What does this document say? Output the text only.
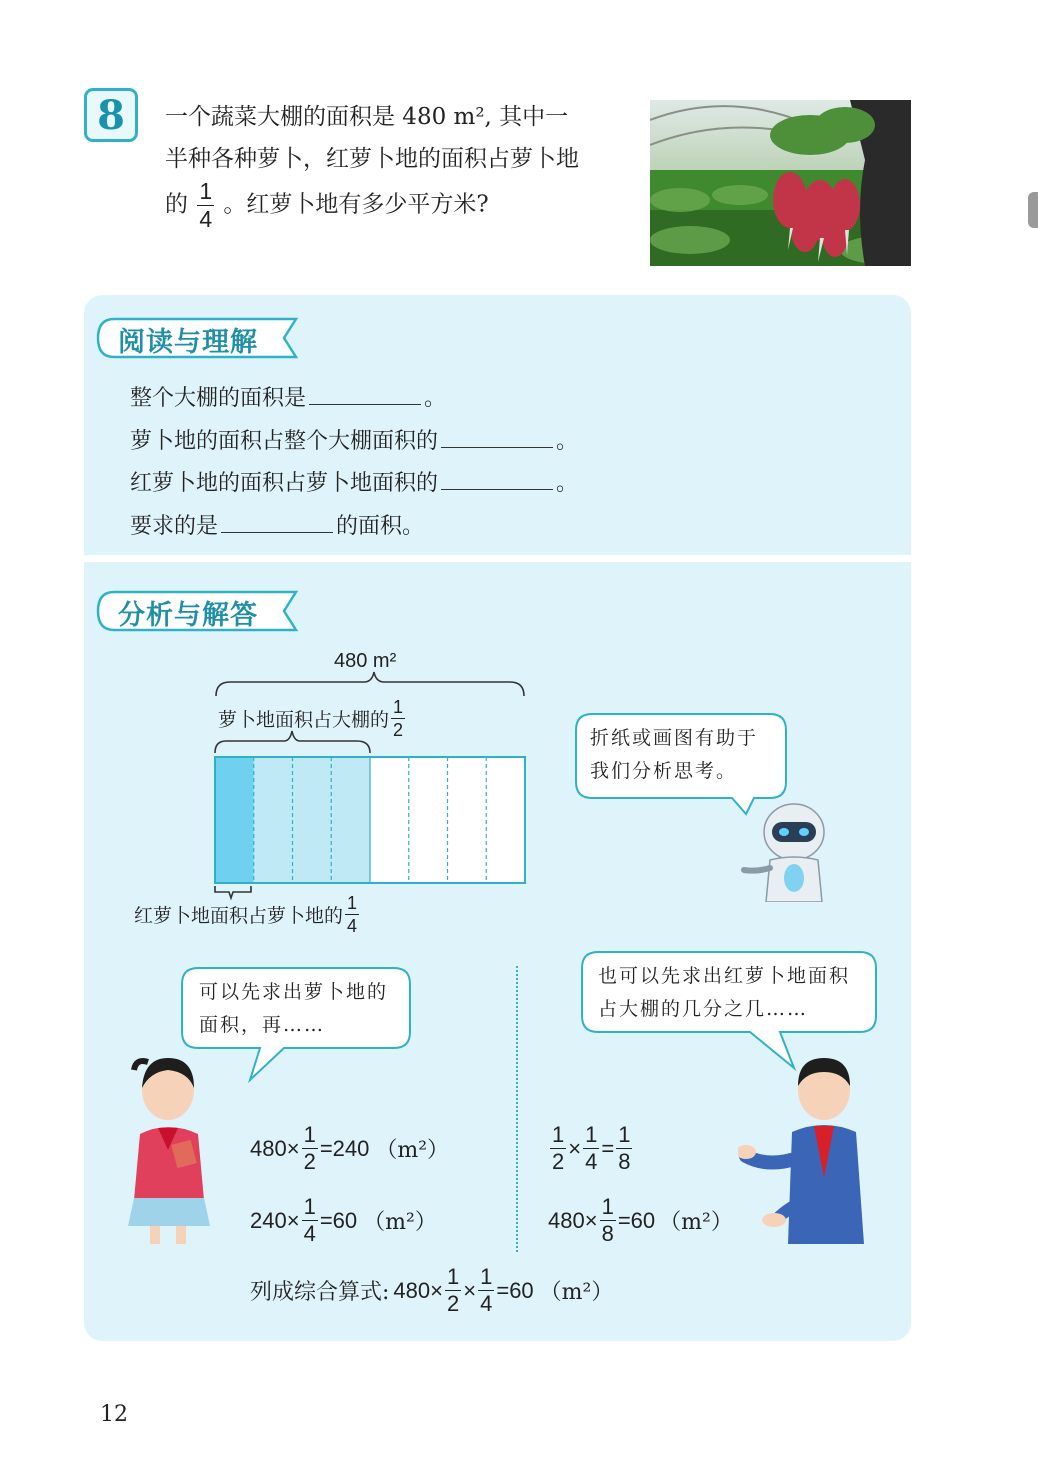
8	一个蔬菜大棚的面积是 480 m², 其中一
半种各种萝卜，红萝卜地的面积占萝卜地
的 $\frac{1}{4}$ 。红萝卜地有多少平方米?
阅读与理解
整个大棚的面积是	。
萝卜地的面积占整个大棚面积的	。
红萝卜地的面积占萝卜地面积的	。
要求的是	的面积。
分析与解答
480 m²
萝卜地面积占大棚的 $\frac{1}{2}$
红萝卜地面积占萝卜地的 $\frac{1}{4}$
折纸或画图有助于
我们分析思考。
可以先求出萝卜地的
面积，再……
也可以先求出红萝卜地面积
占大棚的几分之几……
$480\times \frac{1}{2} =240$ （m²）
$240\times \frac{1}{4} =60$ （m²）
$\frac{1}{2} \times \frac{1}{4} = \frac{1}{8}$
$480\times \frac{1}{8} =60$ （m²）
列成综合算式: $480\times \frac{1}{2} \times \frac{1}{4} =60$ （m²）
12
